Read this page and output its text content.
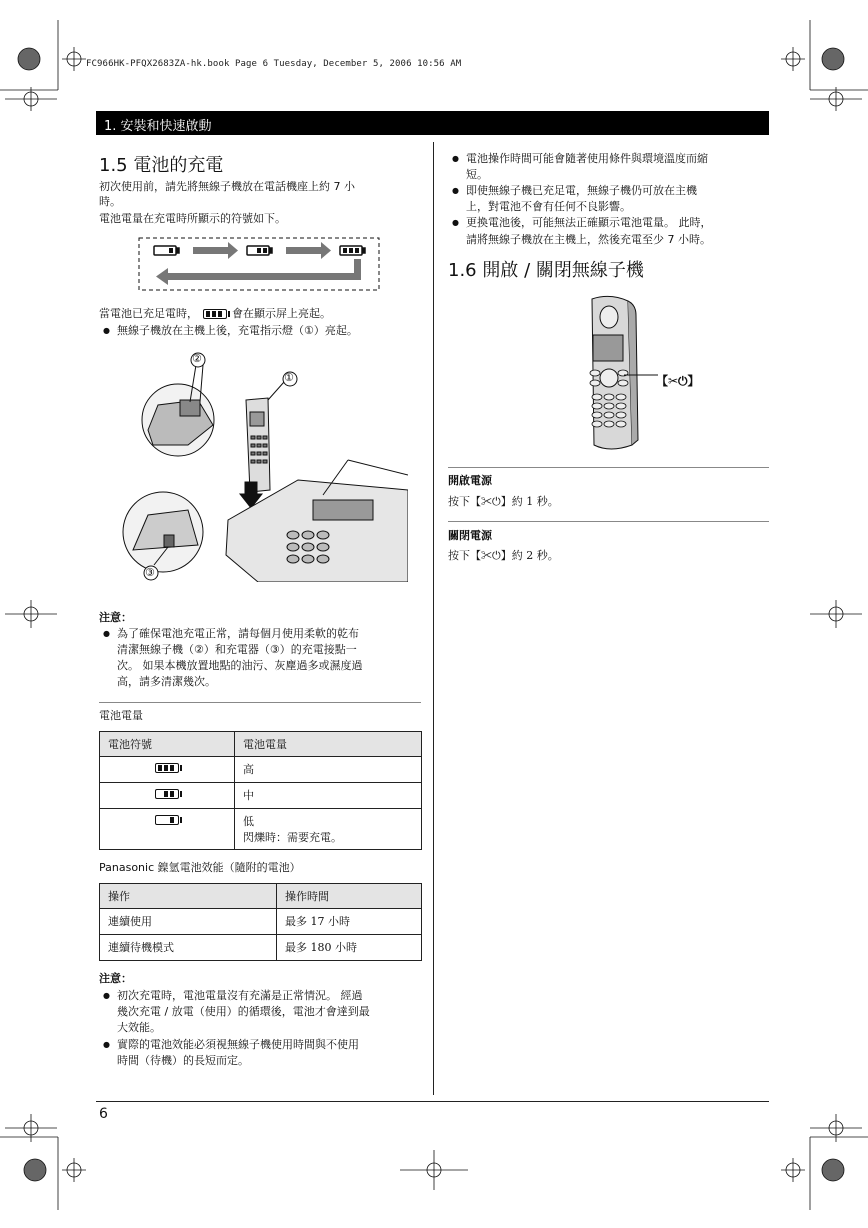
FC966HK-PFQX2683ZA-hk.book Page 6 Tuesday, December 5, 2006 10:56 AM
1. 安裝和快速啟動
1.5 電池的充電
初次使用前，請先將無線子機放在電話機座上約 7 小
時。
電池電量在充電時所顯示的符號如下。
當電池已充足電時，	會在顯示屏上亮起。
● 無線子機放在主機上後，充電指示燈（①）亮起。
①
②
③
注意：
● 為了確保電池充電正常，請每個月使用柔軟的乾布
清潔無線子機（②）和充電器（③）的充電接點一
次。 如果本機放置地點的油污、灰塵過多或濕度過
高，請多清潔幾次。
電池電量
電池符號	電池電量

	高

	中

	低
閃爍時：需要充電。
Panasonic 鎳氫電池效能（隨附的電池）
操作	操作時間
連續使用	最多 17 小時
連續待機模式	最多 180 小時
注意：
● 初次充電時，電池電量沒有充滿是正常情況。 經過
幾次充電 / 放電（使用）的循環後，電池才會達到最
大效能。
● 實際的電池效能必須視無線子機使用時間與不使用
時間（待機）的長短而定。
● 電池操作時間可能會隨著使用條件與環境溫度而縮
短。
● 即使無線子機已充足電，無線子機仍可放在主機
上，對電池不會有任何不良影響。
● 更換電池後，可能無法正確顯示電池電量。 此時，
請將無線子機放在主機上，然後充電至少 7 小時。
1.6 開啟 / 關閉無線子機
【✂⏻】
開啟電源
按下【✂⏻】約 1 秒。
關閉電源
按下【✂⏻】約 2 秒。
6
